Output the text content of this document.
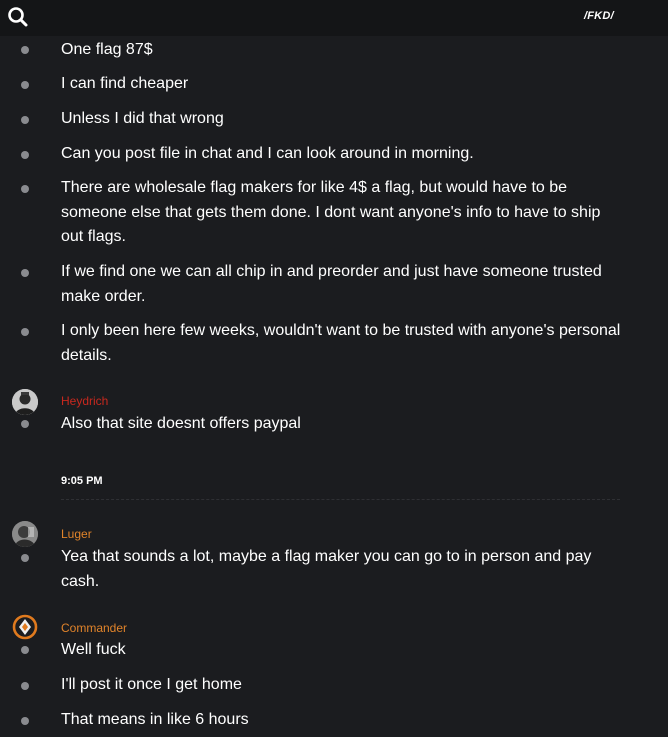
/FKD/
One flag 87$
I can find cheaper
Unless I did that wrong
Can you post file in chat and I can look around in morning.
There are wholesale flag makers for like 4$ a flag, but would have to be someone else that gets them done. I dont want anyone's info to have to ship out flags.
If we find one we can all chip in and preorder and just have someone trusted make order.
I only been here few weeks, wouldn't want to be trusted with anyone's personal details.
Heydrich
Also that site doesnt offers paypal
9:05 PM
Luger
Yea that sounds a lot, maybe a flag maker you can go to in person and pay cash.
Commander
Well fuck
I'll post it once I get home
That means in like 6 hours
